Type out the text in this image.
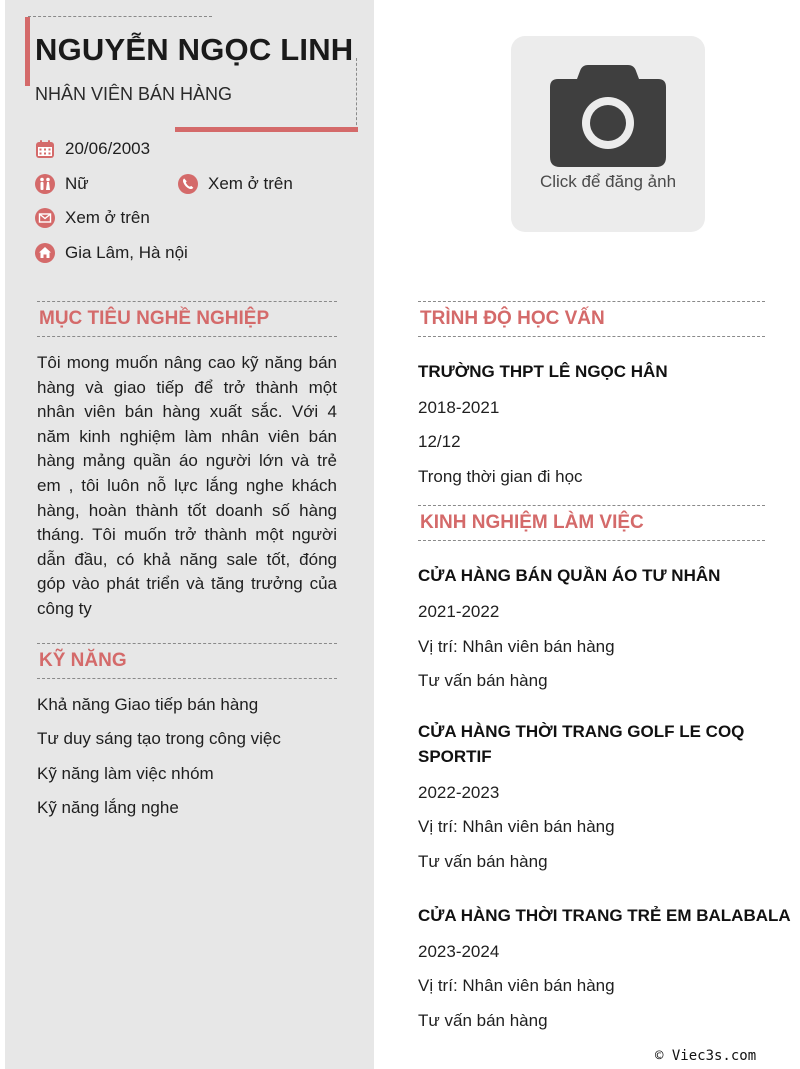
NGUYỄN NGỌC LINH
NHÂN VIÊN BÁN HÀNG
20/06/2003
Nữ	Xem ở trên
Xem ở trên
Gia Lâm, Hà nội
MỤC TIÊU NGHỀ NGHIỆP
Tôi mong muốn nâng cao kỹ năng bán hàng và giao tiếp để trở thành một nhân viên bán hàng xuất sắc. Với 4 năm kinh nghiệm làm nhân viên bán hàng mảng quần áo người lớn và trẻ em , tôi luôn nỗ lực lắng nghe khách hàng, hoàn thành tốt doanh số hàng tháng. Tôi muốn trở thành một người dẫn đầu, có khả năng sale tốt, đóng góp vào phát triển và tăng trưởng của công ty
KỸ NĂNG
Khả năng Giao tiếp bán hàng
Tư duy sáng tạo trong công việc
Kỹ năng làm việc nhóm
Kỹ năng lắng nghe
Click để đăng ảnh
TRÌNH ĐỘ HỌC VẤN
TRƯỜNG THPT LÊ NGỌC HÂN
2018-2021
12/12
Trong thời gian đi học
KINH NGHIỆM LÀM VIỆC
CỬA HÀNG BÁN QUẦN ÁO TƯ NHÂN
2021-2022
Vị trí: Nhân viên bán hàng
Tư vấn bán hàng
CỬA HÀNG THỜI TRANG GOLF LE COQ SPORTIF
2022-2023
Vị trí: Nhân viên bán hàng
Tư vấn bán hàng
CỬA HÀNG THỜI TRANG TRẺ EM BALABALA
2023-2024
Vị trí: Nhân viên bán hàng
Tư vấn bán hàng
© Viec3s.com
